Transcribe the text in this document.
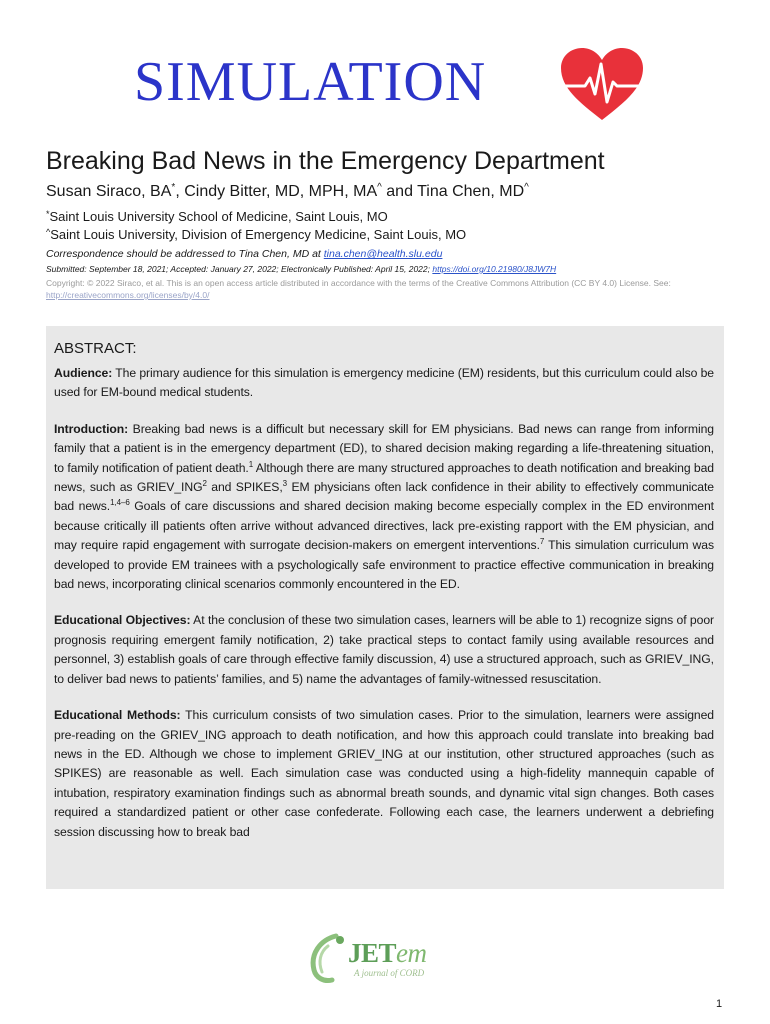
SIMULATION
Breaking Bad News in the Emergency Department
Susan Siraco, BA*, Cindy Bitter, MD, MPH, MA^ and Tina Chen, MD^
*Saint Louis University School of Medicine, Saint Louis, MO
^Saint Louis University, Division of Emergency Medicine, Saint Louis, MO
Correspondence should be addressed to Tina Chen, MD at tina.chen@health.slu.edu
Submitted: September 18, 2021; Accepted: January 27, 2022; Electronically Published: April 15, 2022; https://doi.org/10.21980/J8JW7H
Copyright: © 2022 Siraco, et al. This is an open access article distributed in accordance with the terms of the Creative Commons Attribution (CC BY 4.0) License. See: http://creativecommons.org/licenses/by/4.0/
ABSTRACT:

Audience: The primary audience for this simulation is emergency medicine (EM) residents, but this curriculum could also be used for EM-bound medical students.

Introduction: Breaking bad news is a difficult but necessary skill for EM physicians. Bad news can range from informing family that a patient is in the emergency department (ED), to shared decision making regarding a life-threatening situation, to family notification of patient death.$^1$ Although there are many structured approaches to death notification and breaking bad news, such as GRIEV_ING$^2$ and SPIKES,$^3$ EM physicians often lack confidence in their ability to effectively communicate bad news.$^{1,4-6}$ Goals of care discussions and shared decision making become especially complex in the ED environment because critically ill patients often arrive without advanced directives, lack pre-existing rapport with the EM physician, and may require rapid engagement with surrogate decision-makers on emergent interventions.$^7$ This simulation curriculum was developed to provide EM trainees with a psychologically safe environment to practice effective communication in breaking bad news, incorporating clinical scenarios commonly encountered in the ED.

Educational Objectives: At the conclusion of these two simulation cases, learners will be able to 1) recognize signs of poor prognosis requiring emergent family notification, 2) take practical steps to contact family using available resources and personnel, 3) establish goals of care through effective family discussion, 4) use a structured approach, such as GRIEV_ING, to deliver bad news to patients’ families, and 5) name the advantages of family-witnessed resuscitation.

Educational Methods: This curriculum consists of two simulation cases. Prior to the simulation, learners were assigned pre-reading on the GRIEV_ING approach to death notification, and how this approach could translate into breaking bad news in the ED. Although we chose to implement GRIEV_ING at our institution, other structured approaches (such as SPIKES) are reasonable as well. Each simulation case was conducted using a high-fidelity mannequin capable of intubation, respiratory examination findings such as abnormal breath sounds, and dynamic vital sign changes. Both cases required a standardized patient or other case confederate. Following each case, the learners underwent a debriefing session discussing how to break bad

JETem
A journal of CORD
1
